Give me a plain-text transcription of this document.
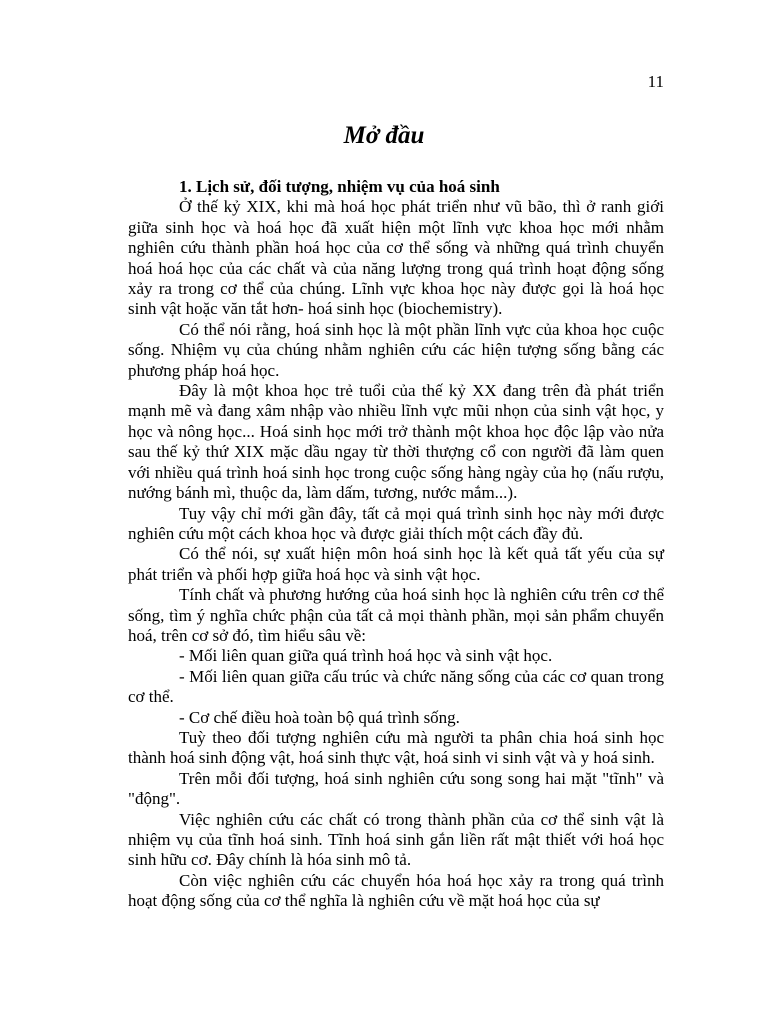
11
Mở đầu

1. Lịch sử, đối tượng, nhiệm vụ của hoá sinh

Ở thế kỷ XIX, khi mà hoá học phát triển như vũ bão, thì ở ranh giới giữa sinh học và hoá học đã xuất hiện một lĩnh vực khoa học mới nhằm nghiên cứu thành phần hoá học của cơ thể sống và những quá trình chuyển hoá hoá học của các chất và của năng lượng trong quá trình hoạt động sống xảy ra trong cơ thể của chúng. Lĩnh vực khoa học này được gọi là hoá học sinh vật hoặc văn tắt hơn- hoá sinh học (biochemistry).

Có thể nói rằng, hoá sinh học là một phần lĩnh vực của khoa học cuộc sống. Nhiệm vụ của chúng nhằm nghiên cứu các hiện tượng sống bằng các phương pháp hoá học.

Đây là một khoa học trẻ tuổi của thế kỷ XX đang trên đà phát triển mạnh mẽ và đang xâm nhập vào nhiều lĩnh vực mũi nhọn của sinh vật học, y học và nông học... Hoá sinh học mới trở thành một khoa học độc lập vào nửa sau thế kỷ thứ XIX mặc dầu ngay từ thời thượng cổ con người đã làm quen với nhiều quá trình hoá sinh học trong cuộc sống hàng ngày của họ (nấu rượu, nướng bánh mì, thuộc da, làm dấm, tương, nước mắm...).

Tuy vậy chỉ mới gần đây, tất cả mọi quá trình sinh học này mới được nghiên cứu một cách khoa học và được giải thích một cách đầy đủ.

Có thể nói, sự xuất hiện môn hoá sinh học là kết quả tất yếu của sự phát triển và phối hợp giữa hoá học và sinh vật học.

Tính chất và phương hướng của hoá sinh học là nghiên cứu trên cơ thể sống, tìm ý nghĩa chức phận của tất cả mọi thành phần, mọi sản phẩm chuyển hoá, trên cơ sở đó, tìm hiểu sâu về:

- Mối liên quan giữa quá trình hoá học và sinh vật học.

- Mối liên quan giữa cấu trúc và chức năng sống của các cơ quan trong cơ thể.

- Cơ chế điều hoà toàn bộ quá trình sống.

Tuỳ theo đối tượng nghiên cứu mà người ta phân chia hoá sinh học thành hoá sinh động vật, hoá sinh thực vật, hoá sinh vi sinh vật và y hoá sinh.

Trên mỗi đối tượng, hoá sinh nghiên cứu song song hai mặt "tĩnh" và "động".

Việc nghiên cứu các chất có trong thành phần của cơ thể sinh vật là nhiệm vụ của tĩnh hoá sinh. Tĩnh hoá sinh gắn liền rất mật thiết với hoá học sinh hữu cơ. Đây chính là hóa sinh mô tả.

Còn việc nghiên cứu các chuyển hóa hoá học xảy ra trong quá trình hoạt động sống của cơ thể nghĩa là nghiên cứu về mặt hoá học của sự
